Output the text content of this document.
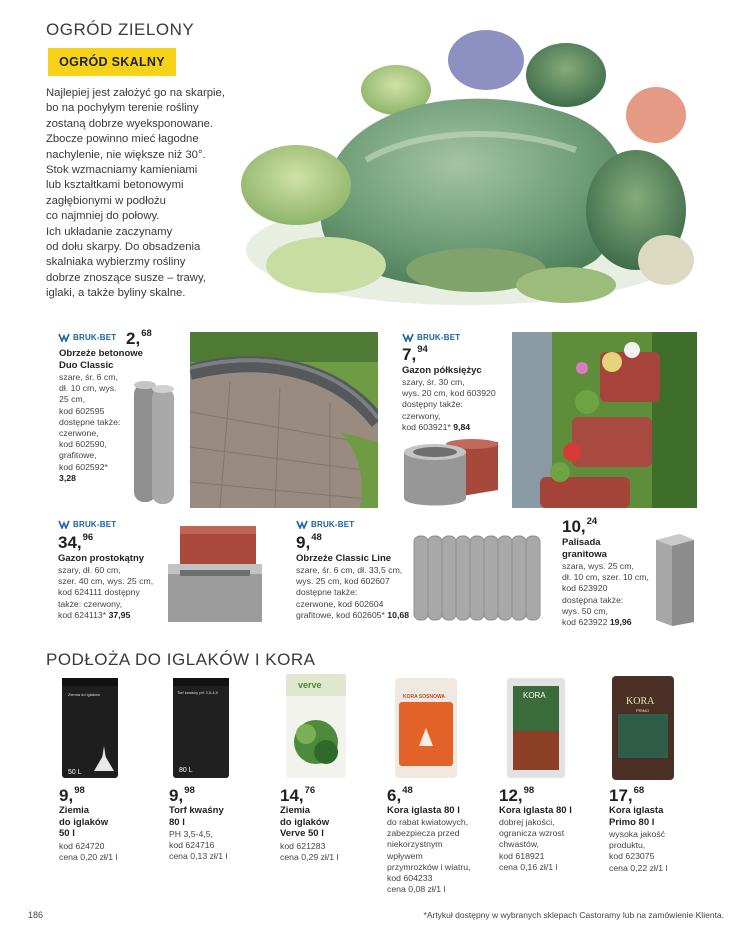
OGRÓD ZIELONY
OGRÓD SKALNY
Najlepiej jest założyć go na skarpie,
bo na pochyłym terenie rośliny
zostaną dobrze wyeksponowane.
Zbocze powinno mieć łagodne
nachylenie, nie większe niż 30°.
Stok wzmacniamy kamieniami
lub kształtkami betonowymi
zagłębionymi w podłożu
co najmniej do połowy.
Ich układanie zaczynamy
od dołu skarpy. Do obsadzenia
skalniaka wybierzmy rośliny
dobrze znoszące susze – trawy,
iglaki, a także byliny skalne.
BRUK-BET 2,68
Obrzeże betonowe
Duo Classic
szare, śr. 6 cm,
dł. 10 cm, wys.
25 cm,
kod 602595
dostępne także:
czerwone,
kod 602590,
grafitowe,
kod 602592*
3,28
BRUK-BET
7,94
Gazon półksiężyc
szary, śr. 30 cm,
wys. 20 cm, kod 603920
dostępny także:
czerwony,
kod 603921* 9,84
BRUK-BET
34,96
Gazon prostokątny
szary, dł. 60 cm,
szer. 40 cm, wys. 25 cm,
kod 624111 dostępny
także: czerwony,
kod 624113* 37,95
BRUK-BET
9,48
Obrzeże Classic Line
szare, śr. 6 cm, dł. 33,5 cm,
wys. 25 cm, kod 602607
dostępne także:
czerwone, kod 602604
grafitowe, kod 602605* 10,68
10,24
Palisada
granitowa
szara, wys. 25 cm,
dł. 10 cm, szer. 10 cm,
kod 623920
dostępna także:
wys. 50 cm,
kod 623922 19,96
PODŁOŻA DO IGLAKÓW I KORA
Ziemia do iglaków
50 L
Torf kwaśny pH 3,5-4,5
80 L
verve
KORA SOSNOWA	KORA
KORA
PRIMO
9,98
Ziemia
do iglaków
50 l
kod 624720
cena 0,20 zł/1 l
9,98
Torf kwaśny
80 l
PH 3,5-4,5,
kod 624716
cena 0,13 zł/1 l
14,76
Ziemia
do iglaków
Verve 50 l
kod 621283
cena 0,29 zł/1 l
6,48
Kora iglasta 80 l
do rabat kwiatowych,
zabezpiecza przed
niekorzystnym
wpływem
przymrozków i wiatru,
kod 604233
cena 0,08 zł/1 l
12,98
Kora iglasta 80 l
dobrej jakości,
ogranicza wzrost
chwastów,
kod 618921
cena 0,16 zł/1 l
17,68
Kora iglasta
Primo 80 l
wysoka jakość
produktu,
kod 623075
cena 0,22 zł/1 l
186	*Artykuł dostępny w wybranych sklepach Castoramy lub na zamówienie Klienta.
